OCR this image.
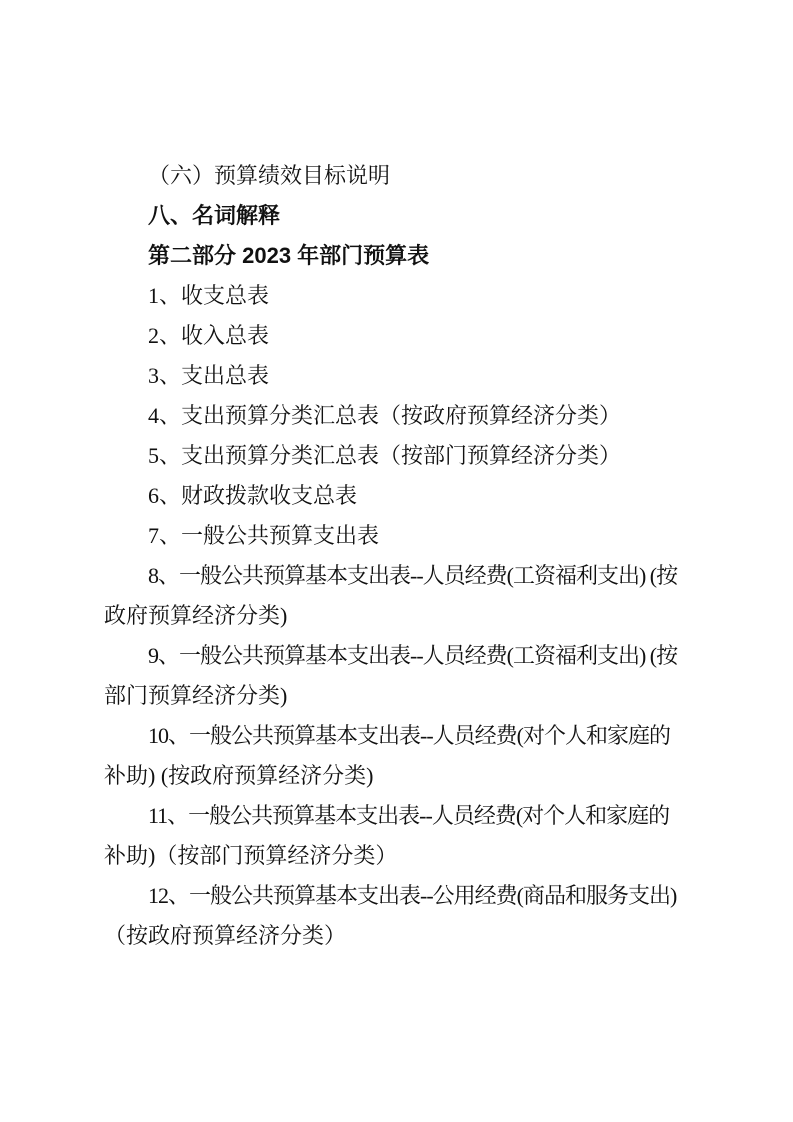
（六）预算绩效目标说明
八、名词解释
第二部分 2023 年部门预算表
1、收支总表
2、收入总表
3、支出总表
4、支出预算分类汇总表（按政府预算经济分类）
5、支出预算分类汇总表（按部门预算经济分类）
6、财政拨款收支总表
7、一般公共预算支出表
8、一般公共预算基本支出表--人员经费(工资福利支出) (按
政府预算经济分类)
9、一般公共预算基本支出表--人员经费(工资福利支出) (按
部门预算经济分类)
10、一般公共预算基本支出表--人员经费(对个人和家庭的
补助) (按政府预算经济分类)
11、一般公共预算基本支出表--人员经费(对个人和家庭的
补助)（按部门预算经济分类）
12、一般公共预算基本支出表--公用经费(商品和服务支出)
（按政府预算经济分类）
